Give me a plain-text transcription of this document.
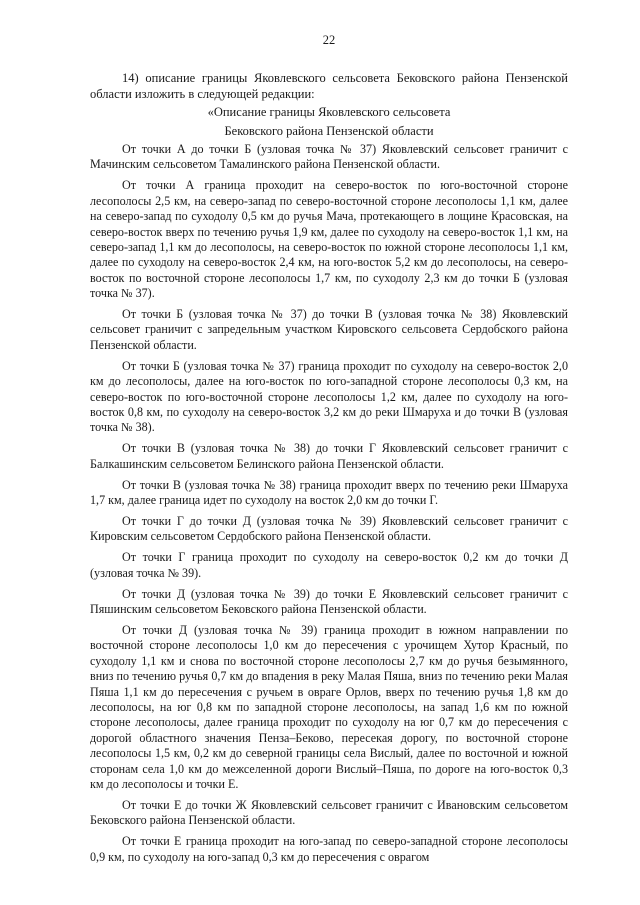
22

14) описание границы Яковлевского сельсовета Бековского района Пензенской области изложить в следующей редакции:

«Описание границы Яковлевского сельсовета
Бековского района Пензенской области

От точки А до точки Б (узловая точка № 37) Яковлевский сельсовет граничит с Мачинским сельсоветом Тамалинского района Пензенской области.

От точки А граница проходит на северо-восток по юго-восточной стороне лесополосы 2,5 км, на северо-запад по северо-восточной стороне лесополосы 1,1 км, далее на северо-запад по суходолу 0,5 км до ручья Мача, протекающего в лощине Красовская, на северо-восток вверх по течению ручья 1,9 км, далее по суходолу на северо-восток 1,1 км, на северо-запад 1,1 км до лесополосы, на северо-восток по южной стороне лесополосы 1,1 км, далее по суходолу на северо-восток 2,4 км, на юго-восток 5,2 км до лесополосы, на северо-восток по восточной стороне лесополосы 1,7 км, по суходолу 2,3 км до точки Б (узловая точка № 37).

От точки Б (узловая точка № 37) до точки В (узловая точка № 38) Яковлевский сельсовет граничит с запредельным участком Кировского сельсовета Сердобского района Пензенской области.

От точки Б (узловая точка № 37) граница проходит по суходолу на северо-восток 2,0 км до лесополосы, далее на юго-восток по юго-западной стороне лесополосы 0,3 км, на северо-восток по юго-восточной стороне лесополосы 1,2 км, далее по суходолу на юго-восток 0,8 км, по суходолу на северо-восток 3,2 км до реки Шмаруха и до точки В (узловая точка № 38).

От точки В (узловая точка № 38) до точки Г Яковлевский сельсовет граничит с Балкашинским сельсоветом Белинского района Пензенской области.

От точки В (узловая точка № 38) граница проходит вверх по течению реки Шмаруха 1,7 км, далее граница идет по суходолу на восток 2,0 км до точки Г.

От точки Г до точки Д (узловая точка № 39) Яковлевский сельсовет граничит с Кировским сельсоветом Сердобского района Пензенской области.

От точки Г граница проходит по суходолу на северо-восток 0,2 км до точки Д (узловая точка № 39).

От точки Д (узловая точка № 39) до точки Е Яковлевский сельсовет граничит с Пяшинским сельсоветом Бековского района Пензенской области.

От точки Д (узловая точка № 39) граница проходит в южном направлении по восточной стороне лесополосы 1,0 км до пересечения с урочищем Хутор Красный, по суходолу 1,1 км и снова по восточной стороне лесополосы 2,7 км до ручья безымянного, вниз по течению ручья 0,7 км до впадения в реку Малая Пяша, вниз по течению реки Малая Пяша 1,1 км до пересечения с ручьем в овраге Орлов, вверх по течению ручья 1,8 км до лесополосы, на юг 0,8 км по западной стороне лесополосы, на запад 1,6 км по южной стороне лесополосы, далее граница проходит по суходолу на юг 0,7 км до пересечения с дорогой областного значения Пенза–Беково, пересекая дорогу, по восточной стороне лесополосы 1,5 км, 0,2 км до северной границы села Вислый, далее по восточной и южной сторонам села 1,0 км до межселенной дороги Вислый–Пяша, по дороге на юго-восток 0,3 км до лесополосы и точки Е.

От точки Е до точки Ж Яковлевский сельсовет граничит с Ивановским сельсоветом Бековского района Пензенской области.

От точки Е граница проходит на юго-запад по северо-западной стороне лесополосы 0,9 км, по суходолу на юго-запад 0,3 км до пересечения с оврагом
